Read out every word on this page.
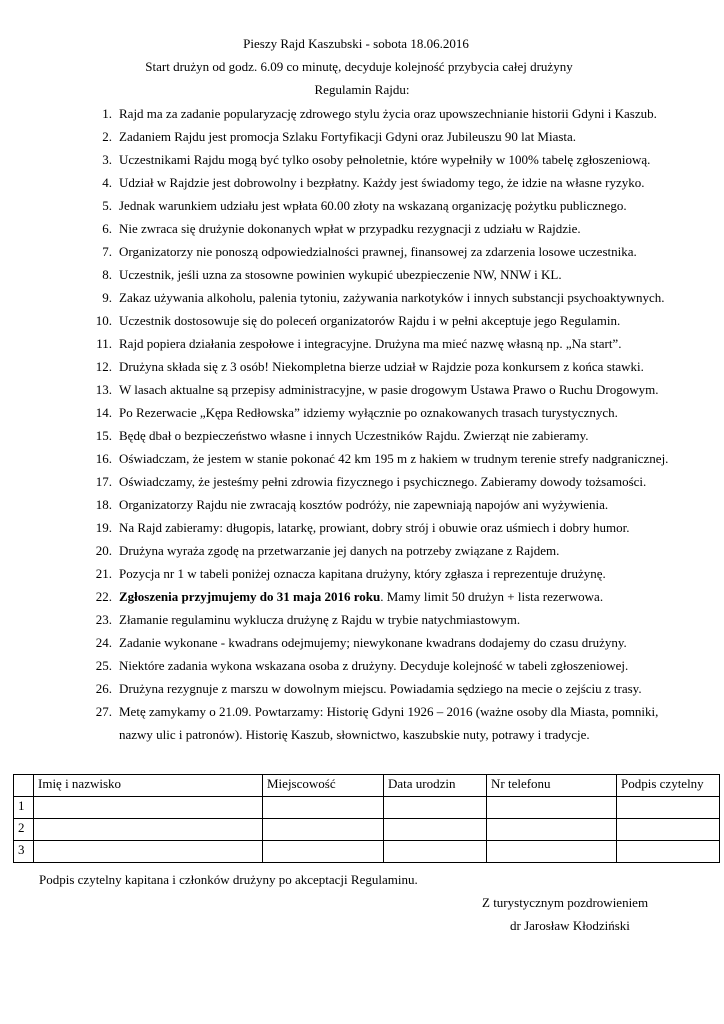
Pieszy Rajd Kaszubski - sobota 18.06.2016
Start drużyn od godz. 6.09 co minutę, decyduje kolejność przybycia całej drużyny
Regulamin Rajdu:
1. Rajd ma za zadanie popularyzację zdrowego stylu życia oraz upowszechnianie historii Gdyni i Kaszub.
2. Zadaniem Rajdu jest promocja Szlaku Fortyfikacji Gdyni oraz Jubileuszu 90 lat Miasta.
3. Uczestnikami Rajdu mogą być tylko osoby pełnoletnie, które wypełniły w 100% tabelę zgłoszeniową.
4. Udział w Rajdzie jest dobrowolny i bezpłatny. Każdy jest świadomy tego, że idzie na własne ryzyko.
5. Jednak warunkiem udziału jest wpłata 60.00 złoty na wskazaną organizację pożytku publicznego.
6. Nie zwraca się drużynie dokonanych wpłat w przypadku rezygnacji z udziału w Rajdzie.
7. Organizatorzy nie ponoszą odpowiedzialności prawnej, finansowej za zdarzenia losowe uczestnika.
8. Uczestnik, jeśli uzna za stosowne powinien wykupić ubezpieczenie NW, NNW i KL.
9. Zakaz używania alkoholu, palenia tytoniu, zażywania narkotyków i innych substancji psychoaktywnych.
10. Uczestnik dostosowuje się do poleceń organizatorów Rajdu i w pełni akceptuje jego Regulamin.
11. Rajd popiera działania zespołowe i integracyjne. Drużyna ma mieć nazwę własną np. „Na start”.
12. Drużyna składa się z 3 osób! Niekompletna bierze udział w Rajdzie poza konkursem z końca stawki.
13. W lasach aktualne są przepisy administracyjne, w pasie drogowym Ustawa Prawo o Ruchu Drogowym.
14. Po Rezerwacie „Kępa Redłowska” idziemy wyłącznie po oznakowanych trasach turystycznych.
15. Będę dbał o bezpieczeństwo własne i innych Uczestników Rajdu. Zwierząt nie zabieramy.
16. Oświadczam, że jestem w stanie pokonać 42 km 195 m z hakiem w trudnym terenie strefy nadgranicznej.
17. Oświadczamy, że jesteśmy pełni zdrowia fizycznego i psychicznego. Zabieramy dowody tożsamości.
18. Organizatorzy Rajdu nie zwracają kosztów podróży, nie zapewniają napojów ani wyżywienia.
19. Na Rajd zabieramy: długopis, latarkę, prowiant, dobry strój i obuwie oraz uśmiech i dobry humor.
20. Drużyna wyraża zgodę na przetwarzanie jej danych na potrzeby związane z Rajdem.
21. Pozycja nr 1 w tabeli poniżej oznacza kapitana drużyny, który zgłasza i reprezentuje drużynę.
22. Zgłoszenia przyjmujemy do 31 maja 2016 roku. Mamy limit 50 drużyn + lista rezerwowa.
23. Złamanie regulaminu wyklucza drużynę z Rajdu w trybie natychmiastowym.
24. Zadanie wykonane - kwadrans odejmujemy; niewykonane kwadrans dodajemy do czasu drużyny.
25. Niektóre zadania wykona wskazana osoba z drużyny. Decyduje kolejność w tabeli zgłoszeniowej.
26. Drużyna rezygnuje z marszu w dowolnym miejscu. Powiadamia sędziego na mecie o zejściu z trasy.
27. Metę zamykamy o 21.09. Powtarzamy: Historię Gdyni 1926 – 2016 (ważne osoby dla Miasta, pomniki,
nazwy ulic i patronów). Historię Kaszub, słownictwo, kaszubskie nuty, potrawy i tradycje.
	Imię i nazwisko	Miejscowość	Data urodzin	Nr telefonu	Podpis czytelny
1					
2					
3					
Podpis czytelny kapitana i członków drużyny po akceptacji Regulaminu.
Z turystycznym pozdrowieniem
dr Jarosław Kłodziński
